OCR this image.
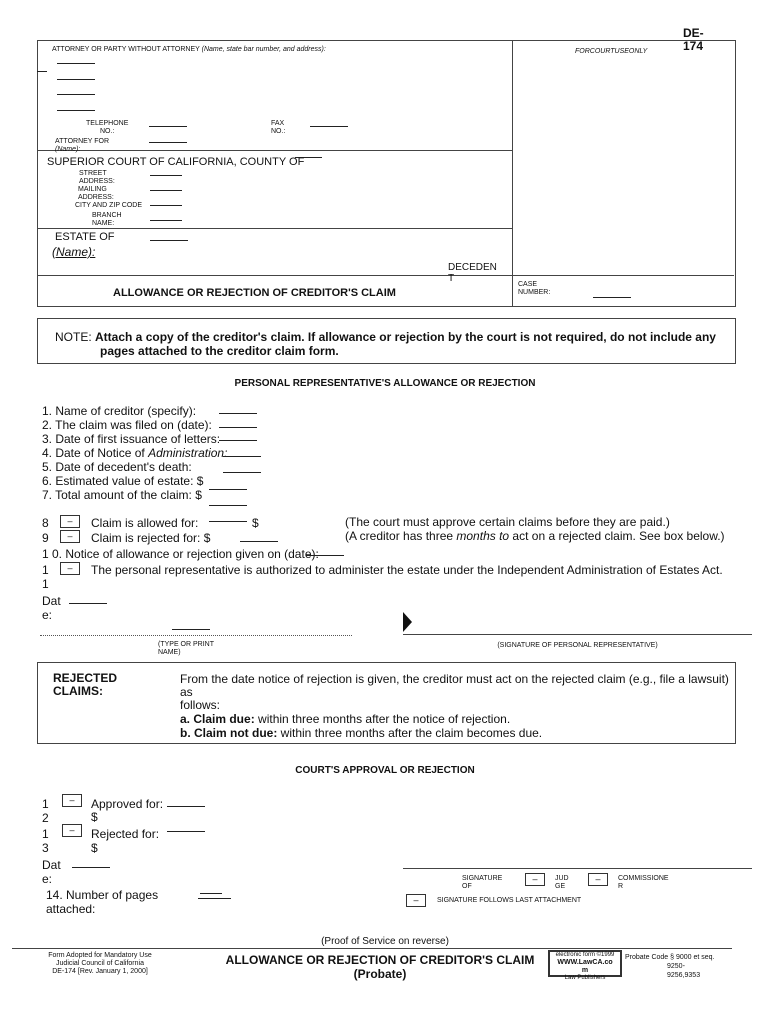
DE-
174
ATTORNEY OR PARTY WITHOUT ATTORNEY (Name, state bar number, and address):	FORCOURTUSEONLY
TELEPHONE
NO.:
FAX
NO.:
ATTORNEY FOR
(Name):
SUPERIOR COURT OF CALIFORNIA, COUNTY OF
STREET
ADDRESS:
MAILING
ADDRESS:
CITY AND ZIP CODE
BRANCH
NAME:
ESTATE OF
(Name):
DECEDEN
T
ALLOWANCE OR REJECTION OF CREDITOR'S CLAIM
CASE
NUMBER:
NOTE: Attach a copy of the creditor's claim. If allowance or rejection by the court is not required, do not include any
pages attached to the creditor claim form.
PERSONAL REPRESENTATIVE'S ALLOWANCE OR REJECTION
1. Name of creditor (specify):
2. The claim was filed on (date):
3. Date of first issuance of letters:
4. Date of Notice of Administration:
5. Date of decedent's death:
6. Estimated value of estate: $
7. Total amount of the claim: $
8	–	Claim is allowed for:	$	(The court must approve certain claims before they are paid.)
9	–	Claim is rejected for: $	(A creditor has three months to act on a rejected claim. See box below.)
1 0. Notice of allowance or rejection given on (date):
1
1
–	The personal representative is authorized to administer the estate under the Independent Administration of Estates Act.
Dat
e:
(TYPE OR PRINT
NAME)
(SIGNATURE OF PERSONAL REPRESENTATIVE)
REJECTED
CLAIMS:
From the date notice of rejection is given, the creditor must act on the rejected claim (e.g., file a lawsuit)
as
follows:
a. Claim due: within three months after the notice of rejection.
b. Claim not due: within three months after the claim becomes due.
COURT'S APPROVAL OR REJECTION
1
2
–	Approved for:
$
1
3
–	Rejected for:
$
Dat
e:	SIGNATURE
OF
–	JUD
GE
–	COMMISSIONE
R
–	SIGNATURE FOLLOWS LAST ATTACHMENT
14. Number of pages
attached:
(Proof of Service on reverse)
Form Adopted for Mandatory Use
Judicial Council of California
DE-174 [Rev. January 1, 2000]
ALLOWANCE OR REJECTION OF CREDITOR'S CLAIM
(Probate)
electronic form ©1999
WWW.LawCA.co
m
Law Publishers
Probate Code § 9000 et seq.
9250-
9256,9353
